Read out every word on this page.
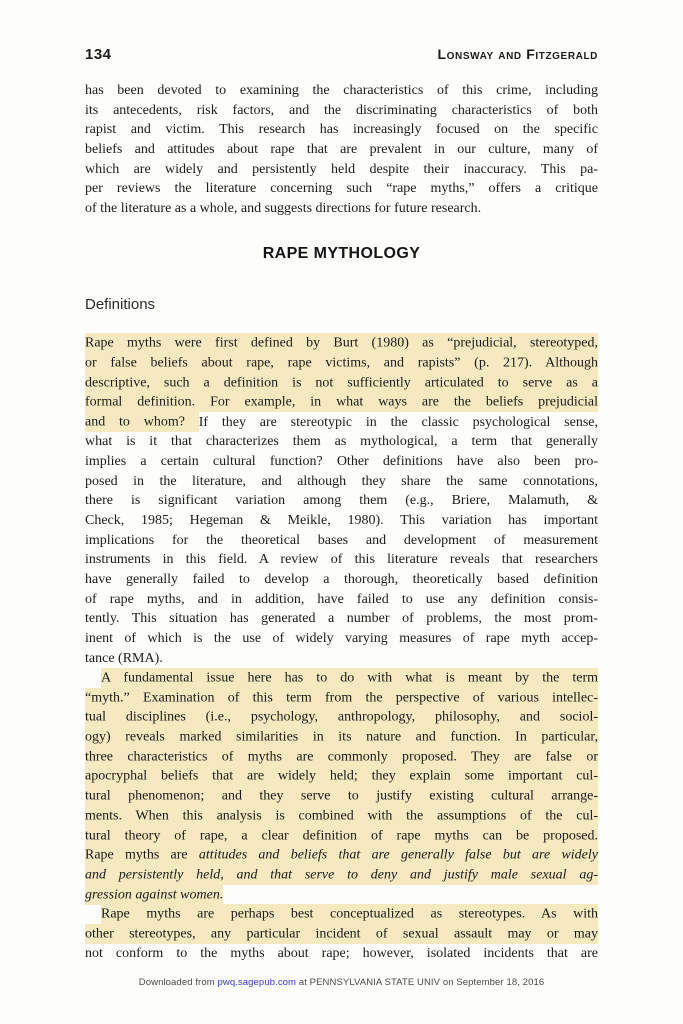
134	Lonsway and Fitzgerald
has been devoted to examining the characteristics of this crime, including
its antecedents, risk factors, and the discriminating characteristics of both
rapist and victim. This research has increasingly focused on the specific
beliefs and attitudes about rape that are prevalent in our culture, many of
which are widely and persistently held despite their inaccuracy. This pa-
per reviews the literature concerning such “rape myths,” offers a critique
of the literature as a whole, and suggests directions for future research.
RAPE MYTHOLOGY
Definitions
Rape myths were first defined by Burt (1980) as “prejudicial, stereotyped,
or false beliefs about rape, rape victims, and rapists” (p. 217). Although
descriptive, such a definition is not sufficiently articulated to serve as a
formal definition. For example, in what ways are the beliefs prejudicial
and to whom? If they are stereotypic in the classic psychological sense,
what is it that characterizes them as mythological, a term that generally
implies a certain cultural function? Other definitions have also been pro-
posed in the literature, and although they share the same connotations,
there is significant variation among them (e.g., Briere, Malamuth, &
Check, 1985; Hegeman & Meikle, 1980). This variation has important
implications for the theoretical bases and development of measurement
instruments in this field. A review of this literature reveals that researchers
have generally failed to develop a thorough, theoretically based definition
of rape myths, and in addition, have failed to use any definition consis-
tently. This situation has generated a number of problems, the most prom-
inent of which is the use of widely varying measures of rape myth accep-
tance (RMA).
A fundamental issue here has to do with what is meant by the term
“myth.” Examination of this term from the perspective of various intellec-
tual disciplines (i.e., psychology, anthropology, philosophy, and sociol-
ogy) reveals marked similarities in its nature and function. In particular,
three characteristics of myths are commonly proposed. They are false or
apocryphal beliefs that are widely held; they explain some important cul-
tural phenomenon; and they serve to justify existing cultural arrange-
ments. When this analysis is combined with the assumptions of the cul-
tural theory of rape, a clear definition of rape myths can be proposed.
Rape myths are attitudes and beliefs that are generally false but are widely
and persistently held, and that serve to deny and justify male sexual ag-
gression against women.
Rape myths are perhaps best conceptualized as stereotypes. As with
other stereotypes, any particular incident of sexual assault may or may
not conform to the myths about rape; however, isolated incidents that are
Downloaded from pwq.sagepub.com at PENNSYLVANIA STATE UNIV on September 18, 2016
